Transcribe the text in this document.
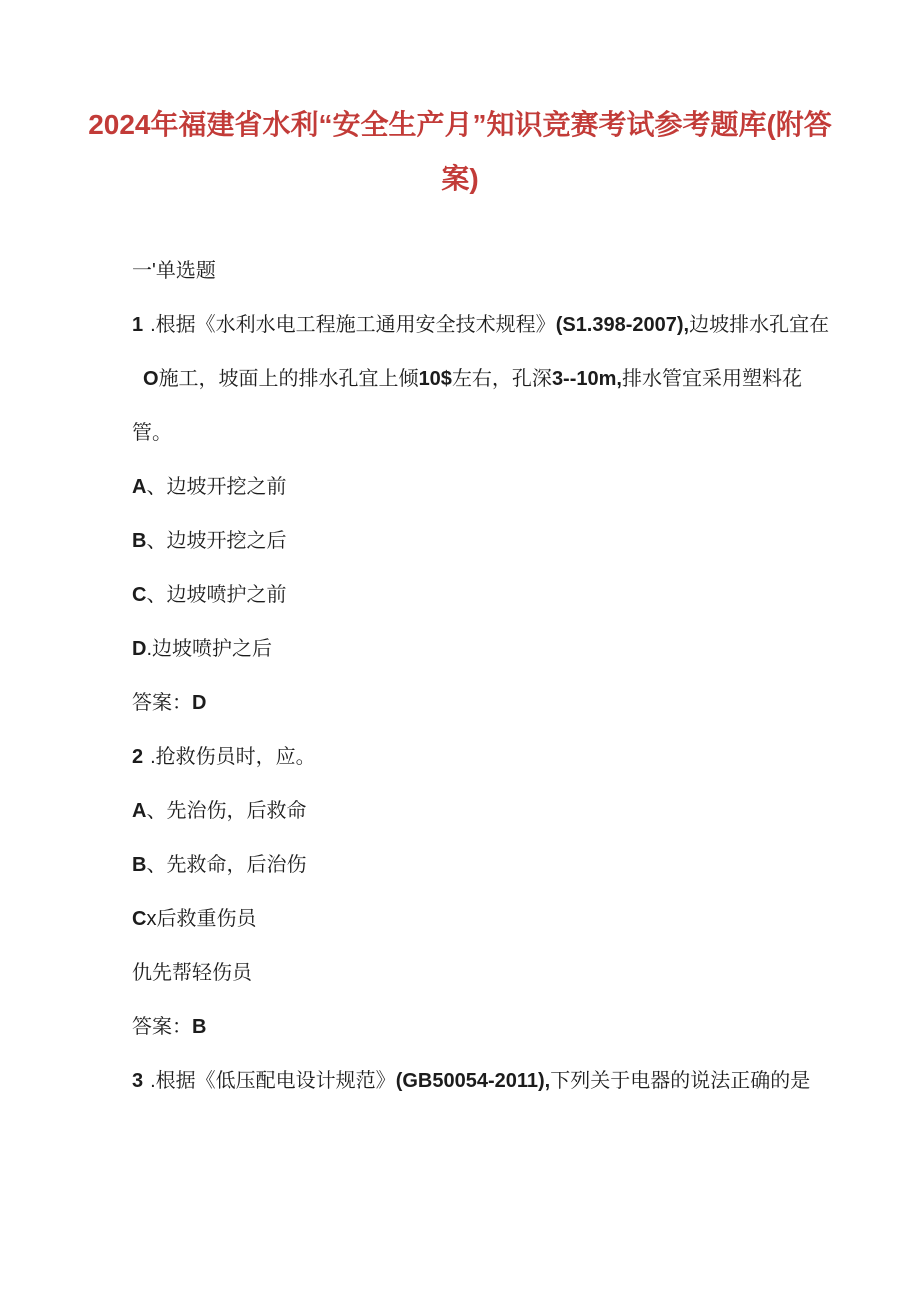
2024年福建省水利“安全生产月”知识竞赛考试参考题库(附答
案)

一'单选题

1 .根据《水利水电工程施工通用安全技术规程》(S1.398-2007),边坡排水孔宜在

O施工，坡面上的排水孔宜上倾10$左右，孔深3--10m,排水管宜采用塑料花

管。

A、边坡开挖之前

B、边坡开挖之后

C、边坡喷护之前

D.边坡喷护之后

答案：D

2 .抢救伤员时，应。

A、先治伤，后救命

B、先救命，后治伤

Cx后救重伤员

仇先帮轻伤员

答案：B

3 .根据《低压配电设计规范》(GB50054-2011),下列关于电器的说法正确的是
